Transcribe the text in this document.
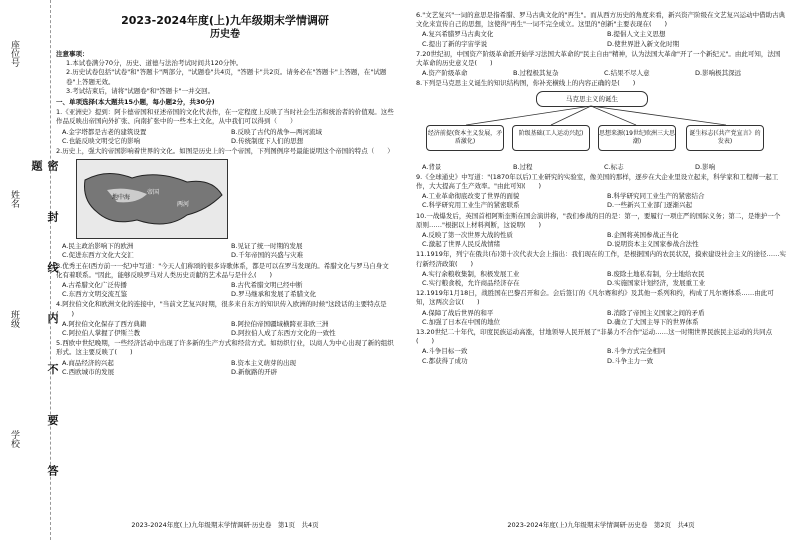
座位号
姓名
班级
学校	密 封 线 内 不 要 答 题
2023-2024年度(上)九年级期末学情调研
历史卷
注意事项：
1.本试卷满分70分，历史、道德与法治考试时间共120分钟。
2.历史试卷包括"试卷"和"答题卡"两部分，"试题卷"共4页，"答题卡"共2页。请务必在"答题卡"上答题，在"试题卷"上答题无效。
3.考试结束后，请将"试题卷"和"答题卡"一并交回。
一、单项选择(本大题共15小题，每小题2分，共30分)
1.《亚洲史》提到：阿卡德帝国和亚述帝国的文化代表作，在一定程度上反映了当时社会生活和统治者的价值观。这些作品反映出帝国向外扩张、向南扩张中的一些本土文化，从中我们可以得到（　　）
A.金字塔都是古老的建筑设置	B.反映了古代的战争—两河流域
C.也能反映文明受它的影响	D.传统制度下人们的思想
2.历史上，强大的帝国影响着世界的文化。如图是历史上的一个帝国，下列图例序号最能说明这个帝国的特点（　　）
帝国
地中海
两河
A.民主政治影响下的欧洲	B.见证了统一时期的发展
C.促进东西方文化大交汇	D.千年帝国的兴盛与灾难
3.优秀王在(西方前一一纪)中写道："今天人们称颂的很多诗歌体系，都是可以在罗马发现的。希腊文化与罗马自身文化有着联系。"因此，能够反映罗马对人类历史贡献的艺术品与是什么(　　)
A.古希腊文化广泛传播	B.古代希腊文明已经中断
C.东西方文明交流互鉴	D.罗马继承和发展了希腊文化
4.阿拉伯文化和欧洲文化的连接中，"当前文艺复兴时期，很多来自东方的知识传入欧洲的时候"这段话的主要特点是(　　)
A.阿拉伯文化保存了西方典籍	B.阿拉伯帝国疆域横跨亚非欧三洲
C.阿拉伯人掌握了伊斯兰教	D.阿拉伯人成了东西方文化的一致性
5.西欧中世纪晚期，一些经济活动中出现了许多新的生产方式和经营方式。如纺织行业，以商人为中心出现了新的组织形式。这主要反映了(　　)
A.商品经济的兴起	B.资本主义萌芽的出现
C.西欧城市的发展	D.新航路的开辟
2023-2024年度(上)九年级期末学情调研·历史卷　第1页　共4页
6."文艺复兴"一词的意思是指希腊、罗马古典文化的"再生"。而从西方历史的角度来看，新兴资产阶级在文艺复兴运动中借助古典文化来宣传自己的思想，这使得"再生"一词不完全成立。这里的"创新"主要表现在(　　)
A.复兴希腊罗马古典文化	B.提倡人文主义思想
C.提出了新的宇宙学说	D.使世界进入新文化时期
7.20世纪初，中国资产阶级革命派开始学习法国大革命的"民主自由"精神，认为法国大革命"开了一个新纪元"。由此可知，法国大革命的历史意义是(　　)
A.资产阶级革命	B.过程极其复杂	C.结果不尽人意	D.影响极其深远
8.下列是马克思主义诞生的知识结构图，你补充横线上的内容正确的是(　　)
马克思主义的诞生
经济前提(资本主义发展，矛盾激化)
阶级基础(工人运动兴起)	思想来源(19世纪欧洲三大思潮)
诞生标志(《共产党宣言》的发表)
A.背景	B.过程	C.标志	D.影响
9.《全球通史》中写道："(1870年以后)工业研究的实验室，像美国的那样，逐步在大企业里设立起来，科学家和工程师一起工作，大大提高了生产效率。"由此可知(　　)
A.工业革命彻底改变了世界的面貌	B.科学研究同工业生产的紧密结合
C.科学研究用工业生产的紧密联系	D.一些新兴工业部门逐渐兴起
10.一战爆发后，英国首相阿斯奎斯在国会演讲称，"我们参战的目的是：第一，要履行一项庄严的国际义务；第二，是维护一个原则……"根据以上材料判断，这说明(　　)
A.反映了第一次世界大战的性质	B.企图将英国参战正当化
C.激起了世界人民反战情绪	D.说明资本主义国家参战合法性
11.1919年，列宁在俄共(布)第十次代表大会上指出：我们现在的工作，是根据国内的农民状况，摸索建设社会主义的途径……实行新经济政策(　　)
A.实行余粮收集制，积极发展工业	B.废除土地私有制，分土地给农民
C.实行粮食税，允许商品经济存在	D.实施国家计划经济，发展重工业
12.1919年1月18日，战胜国在巴黎召开和会。会后签订的《凡尔赛和约》及其他一系列和约，构成了凡尔赛体系……由此可知，这两次会议(　　)
A.保障了战后世界的和平	B.消除了帝国主义国家之间的矛盾
C.加强了日本在中国的地位	D.确立了大国主导下的世界体系
13.20世纪二十年代，印度民族运动高涨，甘地领导人民开展了"非暴力不合作"运动……这一时期世界民族民主运动的共同点(　　)
A.斗争目标一致	B.斗争方式完全相同
C.都获得了成功	D.斗争主力一致
2023-2024年度(上)九年级期末学情调研·历史卷　第2页　共4页
